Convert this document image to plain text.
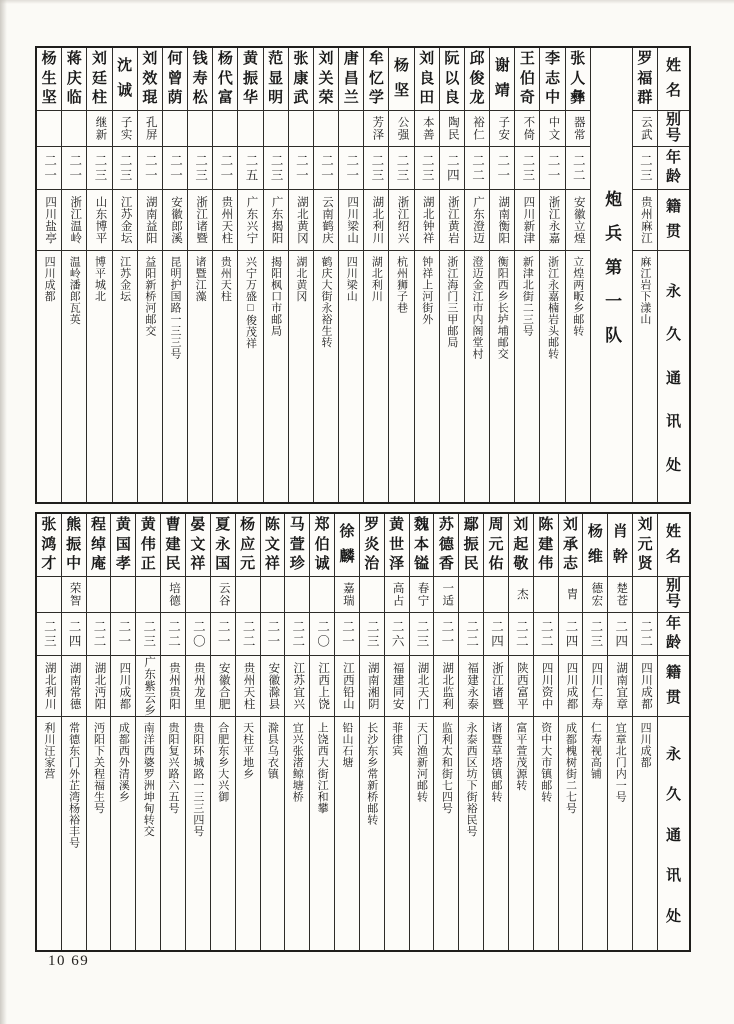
姓
名
别
号
年
龄
籍
贯
永
久
通
讯
处
罗
福
群
云武
二三
贵州麻江
麻江岩下漾山
炮兵第一队
张
人
彝
器常
二二
安徽立煌
立煌两畈乡邮转
李
志
中
中文
二一
浙江永嘉
浙江永嘉楠岩头邮转
王
伯
奇
不倚
二三
四川新津
新津北街二三号
谢
靖
子安
二一
湖南衡阳
衡阳西乡长垆埔邮交
邱
俊
龙
裕仁
二二
广东澄迈
澄迈金江市内阁堂村
阮
以
良
陶民
二四
浙江黄岩
浙江海门三甲邮局
刘
良
田
本善
二三
湖北钟祥
钟祥上河街外
杨
坚
公强
二三
浙江绍兴
杭州狮子巷
牟
忆
学
芳泽
二三
湖北利川
湖北利川
唐
昌
兰
二一
四川梁山
四川梁山
刘
关
荣
二一
云南鹤庆
鹤庆大街永裕生转
张
康
武
二一
湖北黄冈
湖北黄冈
范
显
明
二三
广东揭阳
揭阳枫口市邮局
黄
振
华
二五
广东兴宁
兴宁万盛□俊茂祥
杨
代
富
二一
贵州天柱
贵州天柱
钱
寿
松
二三
浙江诸暨
诸暨江藻
何
曾
荫
二一
安徽郎溪
昆明护国路一三三号
刘
效
琨
孔屏
二一
湖南益阳
益阳新桥河邮交
沈
诚
子实
二三
江苏金坛
江苏金坛
刘
廷
柱
继新
二三
山东博平
博平城北
蒋
庆
临
二一
浙江温岭
温岭潘郎瓦英
杨
生
坚
二一
四川盐亭
四川成都
姓
名
别
号
年
龄
籍
贯
永
久
通
讯
处
刘
元
贤
二二
四川成都
四川成都
肖
幹
楚苍
二四
湖南宜章
宜章北门内一号
杨
维
德宏
二三
四川仁寿
仁寿视高铺
刘
承
志
胄
二四
四川成都
成都槐树街二七号
陈
建
伟
二二
四川资中
资中大市镇邮转
刘
起
敬
杰
二二
陕西富平
富平萱茂源转
周
元
佑
二四
浙江诸暨
诸暨草塔镇邮转
鄢
振
民
二二
福建永泰
永泰西区坊下街裕民号
苏
德
香
一适
二一
湖北监利
监利太和街七四号
魏
本
镒
春宁
二三
湖北天门
天门渔新河邮转
黄
世
泽
高占
二六
福建同安
菲律宾
罗
炎
治
二三
湖南湘阴
长沙东乡常新桥邮转
徐
麟
嘉瑞
二一
江西铅山
铅山石塘
郑
伯
诚
二〇
江西上饶
上饶西大街江和攀
马
萱
珍
二二
江苏宜兴
宜兴张渚鲸塘桥
陈
文
祥
二一
安徽滁县
滁县乌衣镇
杨
应
元
二二
贵州天柱
天柱平地乡
夏
永
国
云谷
二一
安徽合肥
合肥东乡大兴御
晏
文
祥
二〇
贵州龙里
贵阳环城路一三三四号
曹
建
民
培德
二二
贵州贵阳
贵阳复兴路六五号
黄
伟
正
二三
广东紫云乡
南洋西婆罗洲坤甸转交
黄
国
孝
二一
四川成都
成都西外清溪乡
程
绰
庵
二二
湖北沔阳
沔阳下关程福生号
熊
振
中
荣智
二四
湖南常德
常德东门外芷湾杨裕丰号
张
鸿
才
二三
湖北利川
利川汪家营
10 69
